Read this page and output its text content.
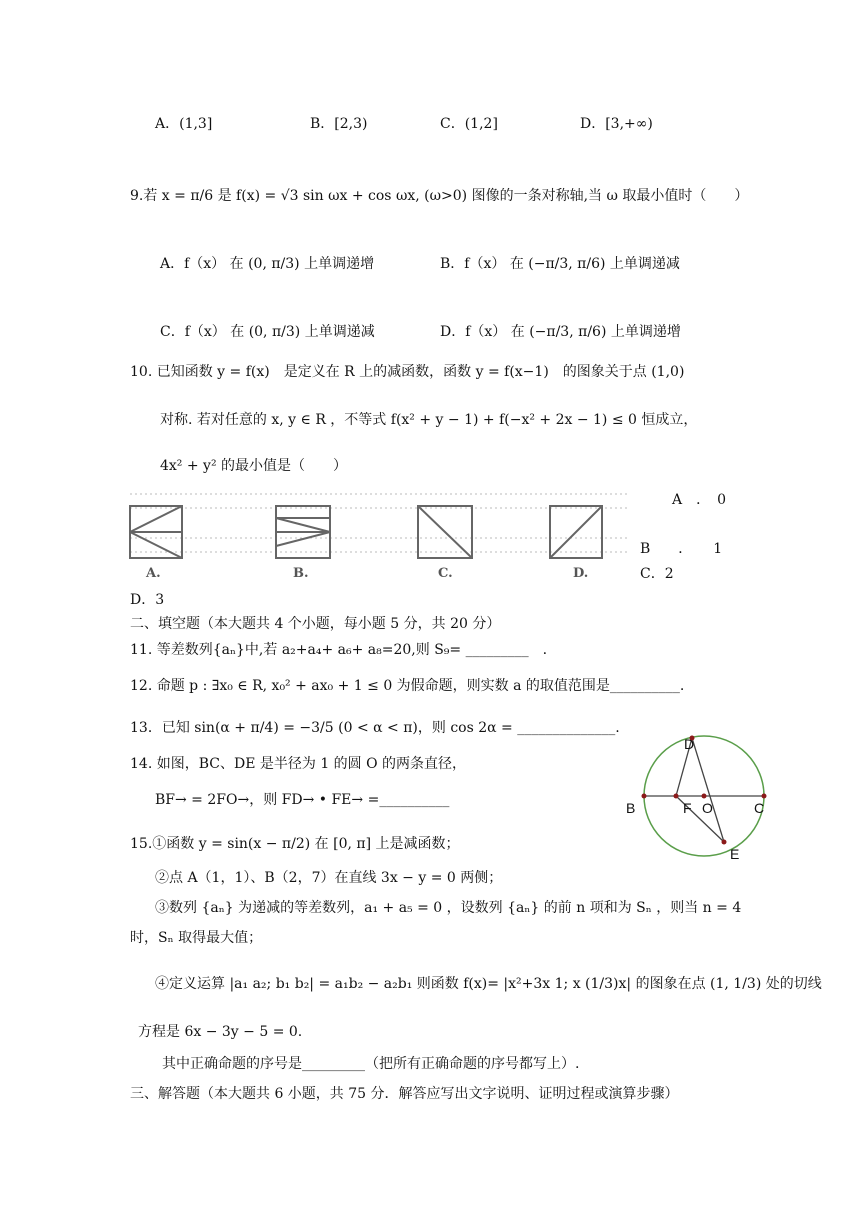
A．(1,3]	B．[2,3)	C．(1,2]	D．[3,+∞)
9.若 x = π/6 是 f(x) = √3 sin ωx + cos ωx, (ω>0) 图像的一条对称轴,当 ω 取最小值时（　　）
A．f（x） 在 (0, π/3) 上单调递增	B．f（x） 在 (−π/3, π/6) 上单调递减
C．f（x） 在 (0, π/3) 上单调递减	D．f（x） 在 (−π/3, π/6) 上单调递增
10. 已知函数 y = f(x)　是定义在 R 上的减函数，函数 y = f(x−1)　的图象关于点 (1,0)
对称. 若对任意的 x, y ∈ R ，不等式 f(x² + y − 1) + f(−x² + 2x − 1) ≤ 0 恒成立，
4x² + y² 的最小值是（　　）
A.	B.	C.	D.
A　．　0
B　　．　　1
C．2
D．3
二、填空题（本大题共 4 个小题，每小题 5 分，共 20 分）
11. 等差数列{aₙ}中,若 a₂+a₄+ a₆+ a₈=20,则 S₉= _________　.
12. 命题 p : ∃x₀ ∈ R, x₀² + ax₀ + 1 ≤ 0 为假命题，则实数 a 的取值范围是__________.
13．已知 sin(α + π/4) = −3/5 (0 < α < π)，则 cos 2α = ______________.
14. 如图，BC、DE 是半径为 1 的圆 O 的两条直径，
BF→ = 2FO→，则 FD→ • FE→ =__________
D
B	F O	C
E
15.①函数 y = sin(x − π/2) 在 [0, π] 上是减函数；
②点 A（1，1）、B（2，7）在直线 3x − y = 0 两侧；
③数列 {aₙ} 为递减的等差数列，a₁ + a₅ = 0 ，设数列 {aₙ} 的前 n 项和为 Sₙ ，则当 n = 4
时，Sₙ 取得最大值；
④定义运算 |a₁ a₂; b₁ b₂| = a₁b₂ − a₂b₁ 则函数 f(x)= |x²+3x 1; x (1/3)x| 的图象在点 (1, 1/3) 处的切线
方程是 6x − 3y − 5 = 0.
其中正确命题的序号是_________（把所有正确命题的序号都写上）.
三、解答题（本大题共 6 小题，共 75 分．解答应写出文字说明、证明过程或演算步骤）
